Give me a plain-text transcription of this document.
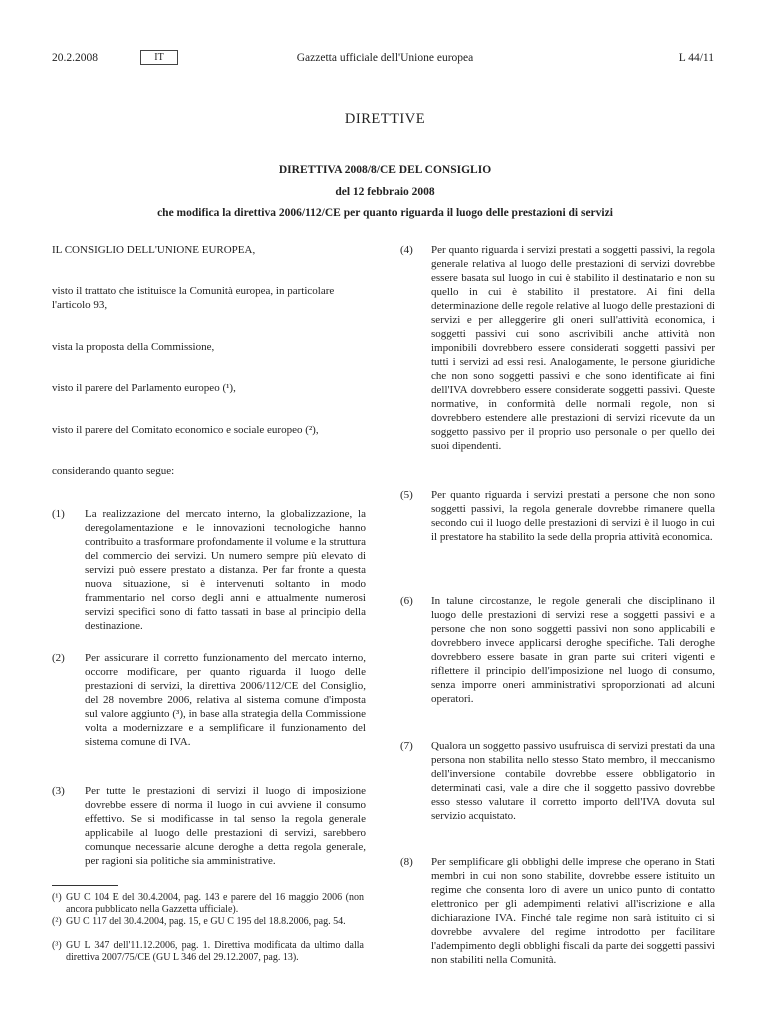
20.2.2008	IT	Gazzetta ufficiale dell'Unione europea	L 44/11
DIRETTIVE
DIRETTIVA 2008/8/CE DEL CONSIGLIO
del 12 febbraio 2008
che modifica la direttiva 2006/112/CE per quanto riguarda il luogo delle prestazioni di servizi
IL CONSIGLIO DELL'UNIONE EUROPEA,
visto il trattato che istituisce la Comunità europea, in particolare l'articolo 93,
vista la proposta della Commissione,
visto il parere del Parlamento europeo (¹),
visto il parere del Comitato economico e sociale europeo (²),
considerando quanto segue:
(1) La realizzazione del mercato interno, la globalizzazione, la deregolamentazione e le innovazioni tecnologiche hanno contribuito a trasformare profondamente il volume e la struttura del commercio dei servizi. Un numero sempre più elevato di servizi può essere prestato a distanza. Per far fronte a questa nuova situazione, si è intervenuti soltanto in modo frammentario nel corso degli anni e attualmente numerosi servizi specifici sono di fatto tassati in base al principio della destinazione.
(2) Per assicurare il corretto funzionamento del mercato interno, occorre modificare, per quanto riguarda il luogo delle prestazioni di servizi, la direttiva 2006/112/CE del Consiglio, del 28 novembre 2006, relativa al sistema comune d'imposta sul valore aggiunto (³), in base alla strategia della Commissione volta a modernizzare e a semplificare il funzionamento del sistema comune di IVA.
(3) Per tutte le prestazioni di servizi il luogo di imposizione dovrebbe essere di norma il luogo in cui avviene il consumo effettivo. Se si modificasse in tal senso la regola generale applicabile al luogo delle prestazioni di servizi, sarebbero comunque necessarie alcune deroghe a detta regola generale, per ragioni sia politiche sia amministrative.
(¹) GU C 104 E del 30.4.2004, pag. 143 e parere del 16 maggio 2006 (non ancora pubblicato nella Gazzetta ufficiale).
(²) GU C 117 del 30.4.2004, pag. 15, e GU C 195 del 18.8.2006, pag. 54.
(³) GU L 347 dell'11.12.2006, pag. 1. Direttiva modificata da ultimo dalla direttiva 2007/75/CE (GU L 346 del 29.12.2007, pag. 13).
(4) Per quanto riguarda i servizi prestati a soggetti passivi, la regola generale relativa al luogo delle prestazioni di servizi dovrebbe essere basata sul luogo in cui è stabilito il destinatario e non su quello in cui è stabilito il prestatore. Ai fini della determinazione delle regole relative al luogo delle prestazioni di servizi e per alleggerire gli oneri sull'attività economica, i soggetti passivi cui sono ascrivibili anche attività non imponibili dovrebbero essere considerati soggetti passivi per tutti i servizi ad essi resi. Analogamente, le persone giuridiche che non sono soggetti passivi e che sono identificate ai fini dell'IVA dovrebbero essere considerate soggetti passivi. Queste normative, in conformità delle normali regole, non si dovrebbero estendere alle prestazioni di servizi ricevute da un soggetto passivo per il proprio uso personale o per quello dei suoi dipendenti.
(5) Per quanto riguarda i servizi prestati a persone che non sono soggetti passivi, la regola generale dovrebbe rimanere quella secondo cui il luogo delle prestazioni di servizi è il luogo in cui il prestatore ha stabilito la sede della propria attività economica.
(6) In talune circostanze, le regole generali che disciplinano il luogo delle prestazioni di servizi rese a soggetti passivi e a persone che non sono soggetti passivi non sono applicabili e dovrebbero invece applicarsi deroghe specifiche. Tali deroghe dovrebbero essere basate in gran parte sui criteri vigenti e riflettere il principio dell'imposizione nel luogo di consumo, senza imporre oneri amministrativi sproporzionati ad alcuni operatori.
(7) Qualora un soggetto passivo usufruisca di servizi prestati da una persona non stabilita nello stesso Stato membro, il meccanismo dell'inversione contabile dovrebbe essere obbligatorio in determinati casi, vale a dire che il soggetto passivo dovrebbe esso stesso valutare il corretto importo dell'IVA dovuta sul servizio acquistato.
(8) Per semplificare gli obblighi delle imprese che operano in Stati membri in cui non sono stabilite, dovrebbe essere istituito un regime che consenta loro di avere un unico punto di contatto elettronico per gli adempimenti relativi all'iscrizione e alla dichiarazione IVA. Finché tale regime non sarà istituito ci si dovrebbe avvalere del regime introdotto per facilitare l'adempimento degli obblighi fiscali da parte dei soggetti passivi non stabiliti nella Comunità.
